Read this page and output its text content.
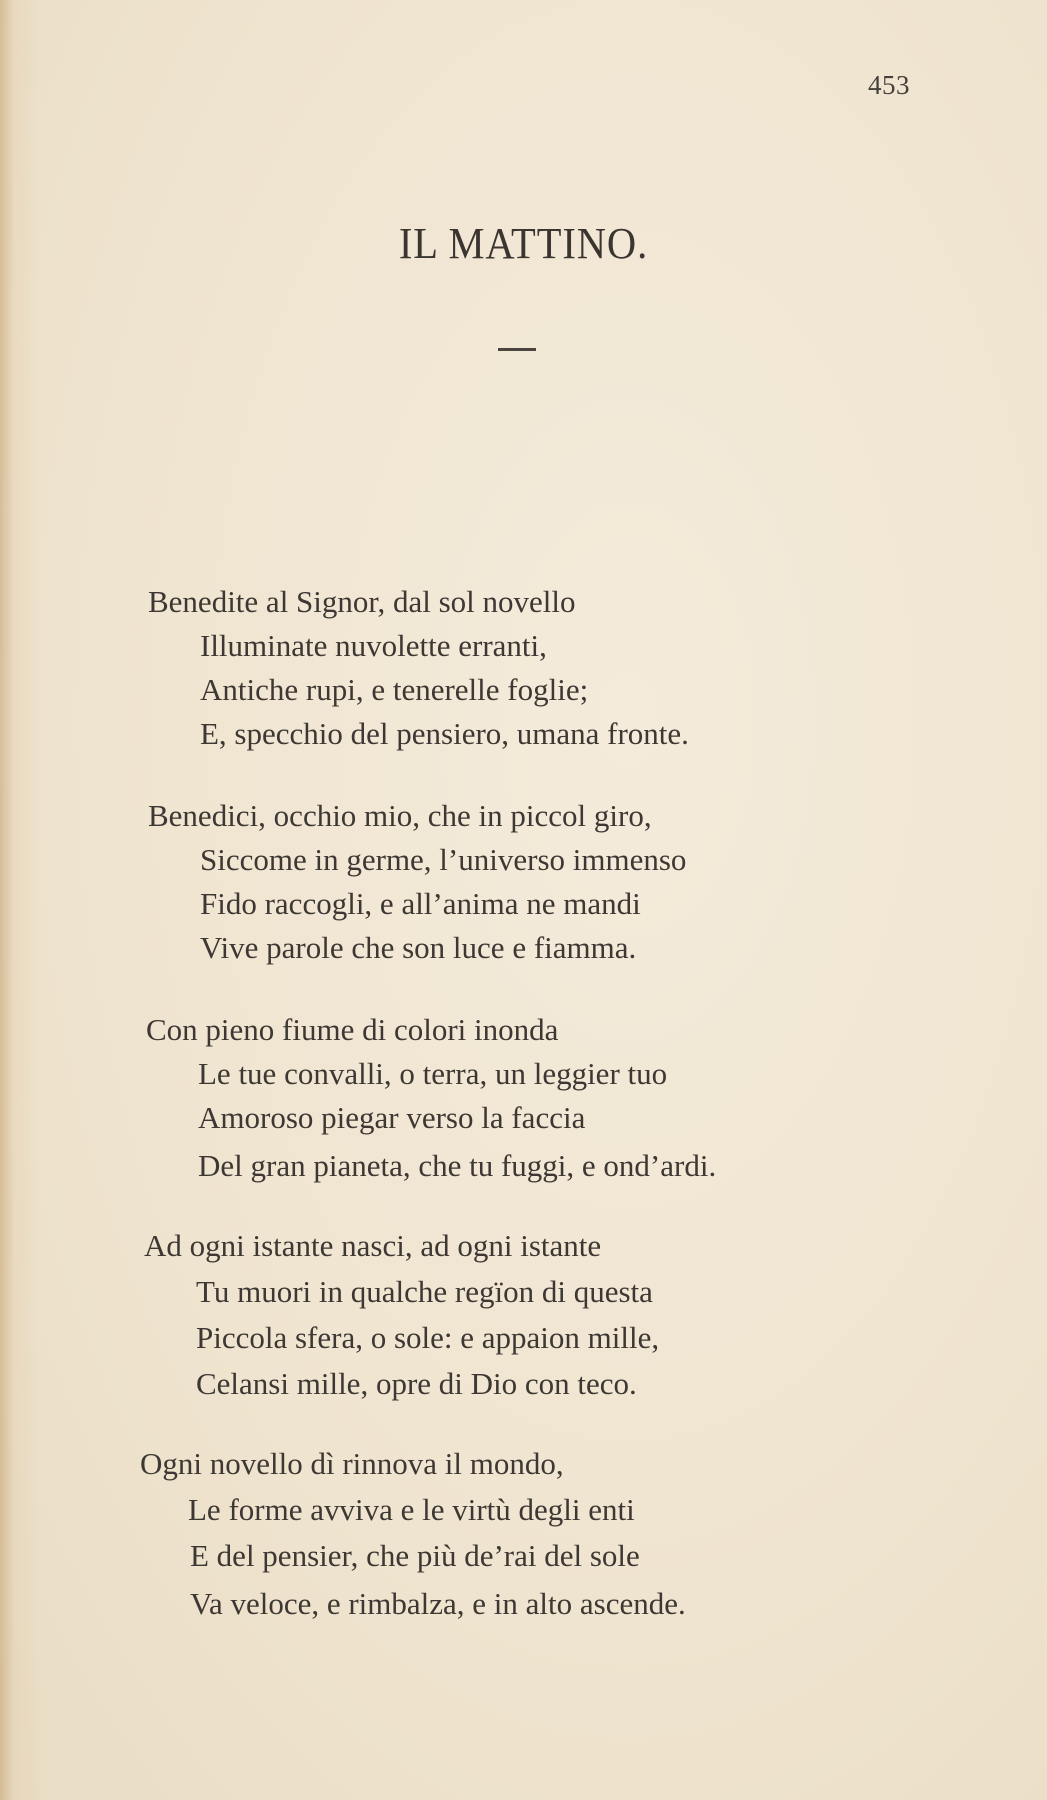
453
IL MATTINO.
Benedite al Signor, dal sol novello
Illuminate nuvolette erranti,
Antiche rupi, e tenerelle foglie;
E, specchio del pensiero, umana fronte.
Benedici, occhio mio, che in piccol giro,
Siccome in germe, l’universo immenso
Fido raccogli, e all’anima ne mandi
Vive parole che son luce e fiamma.
Con pieno fiume di colori inonda
Le tue convalli, o terra, un leggier tuo
Amoroso piegar verso la faccia
Del gran pianeta, che tu fuggi, e ond’ardi.
Ad ogni istante nasci, ad ogni istante
Tu muori in qualche regïon di questa
Piccola sfera, o sole: e appaion mille,
Celansi mille, opre di Dio con teco.
Ogni novello dì rinnova il mondo,
Le forme avviva e le virtù degli enti
E del pensier, che più de’rai del sole
Va veloce, e rimbalza, e in alto ascende.
